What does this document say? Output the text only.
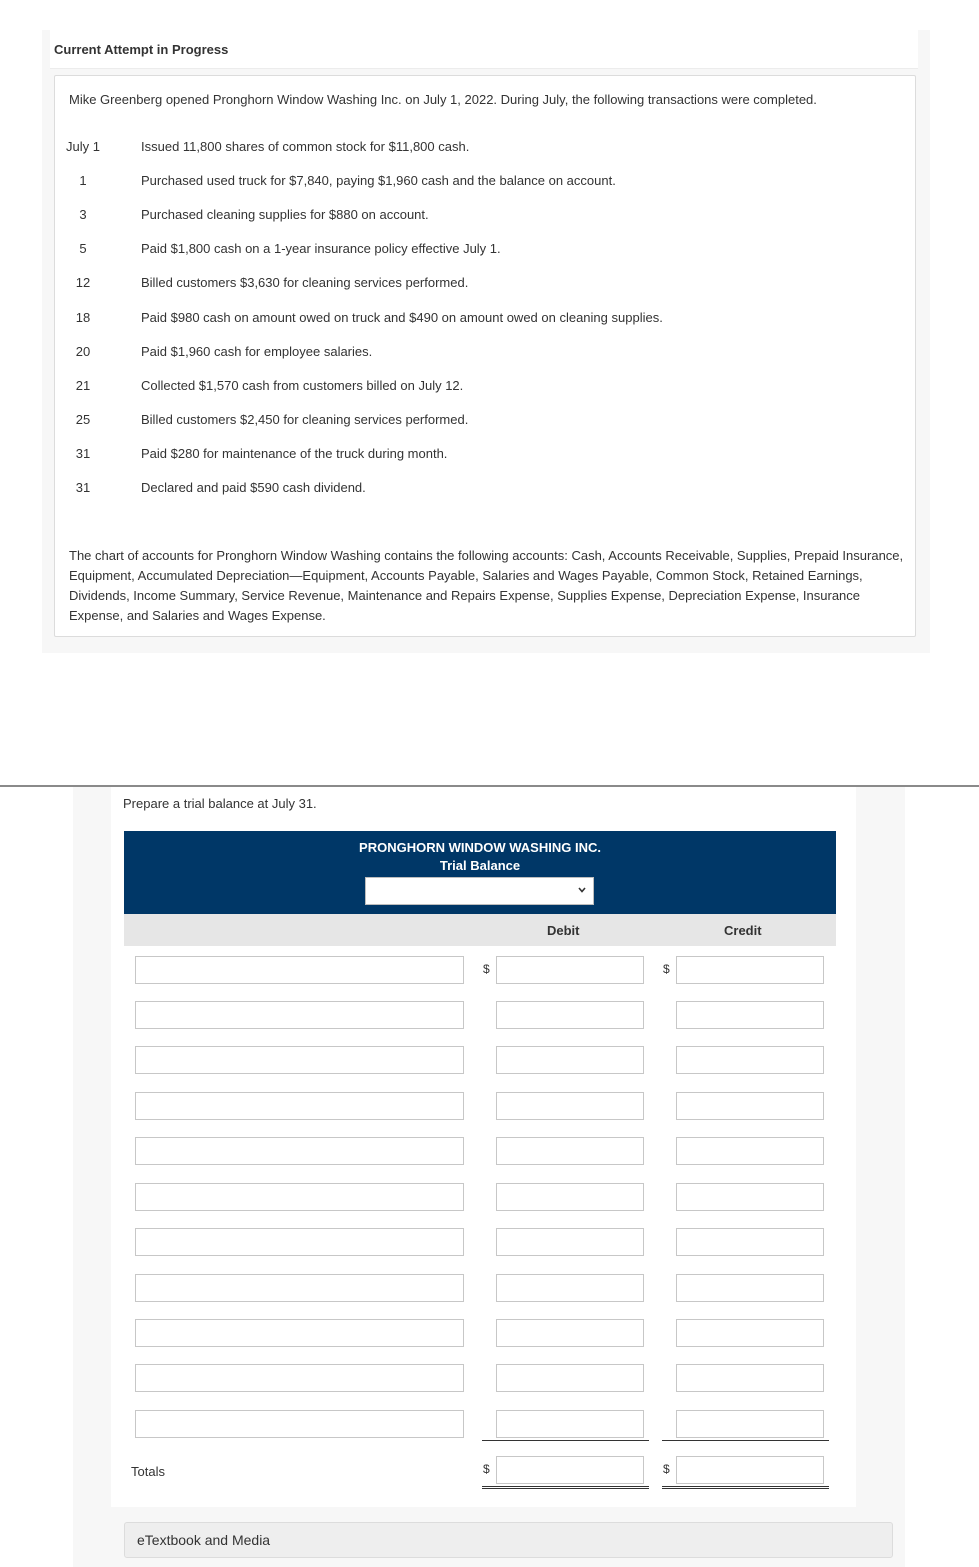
Current Attempt in Progress
Mike Greenberg opened Pronghorn Window Washing Inc. on July 1, 2022. During July, the following transactions were completed.
July 1	Issued 11,800 shares of common stock for $11,800 cash.
1	Purchased used truck for $7,840, paying $1,960 cash and the balance on account.
3	Purchased cleaning supplies for $880 on account.
5	Paid $1,800 cash on a 1-year insurance policy effective July 1.
12	Billed customers $3,630 for cleaning services performed.
18	Paid $980 cash on amount owed on truck and $490 on amount owed on cleaning supplies.
20	Paid $1,960 cash for employee salaries.
21	Collected $1,570 cash from customers billed on July 12.
25	Billed customers $2,450 for cleaning services performed.
31	Paid $280 for maintenance of the truck during month.
31	Declared and paid $590 cash dividend.
The chart of accounts for Pronghorn Window Washing contains the following accounts: Cash, Accounts Receivable, Supplies, Prepaid Insurance, Equipment, Accumulated Depreciation—Equipment, Accounts Payable, Salaries and Wages Payable, Common Stock, Retained Earnings, Dividends, Income Summary, Service Revenue, Maintenance and Repairs Expense, Supplies Expense, Depreciation Expense, Insurance Expense, and Salaries and Wages Expense.
Prepare a trial balance at July 31.
PRONGHORN WINDOW WASHING INC.
Trial Balance
Debit	Credit
$	$
Totals	$	$
eTextbook and Media
